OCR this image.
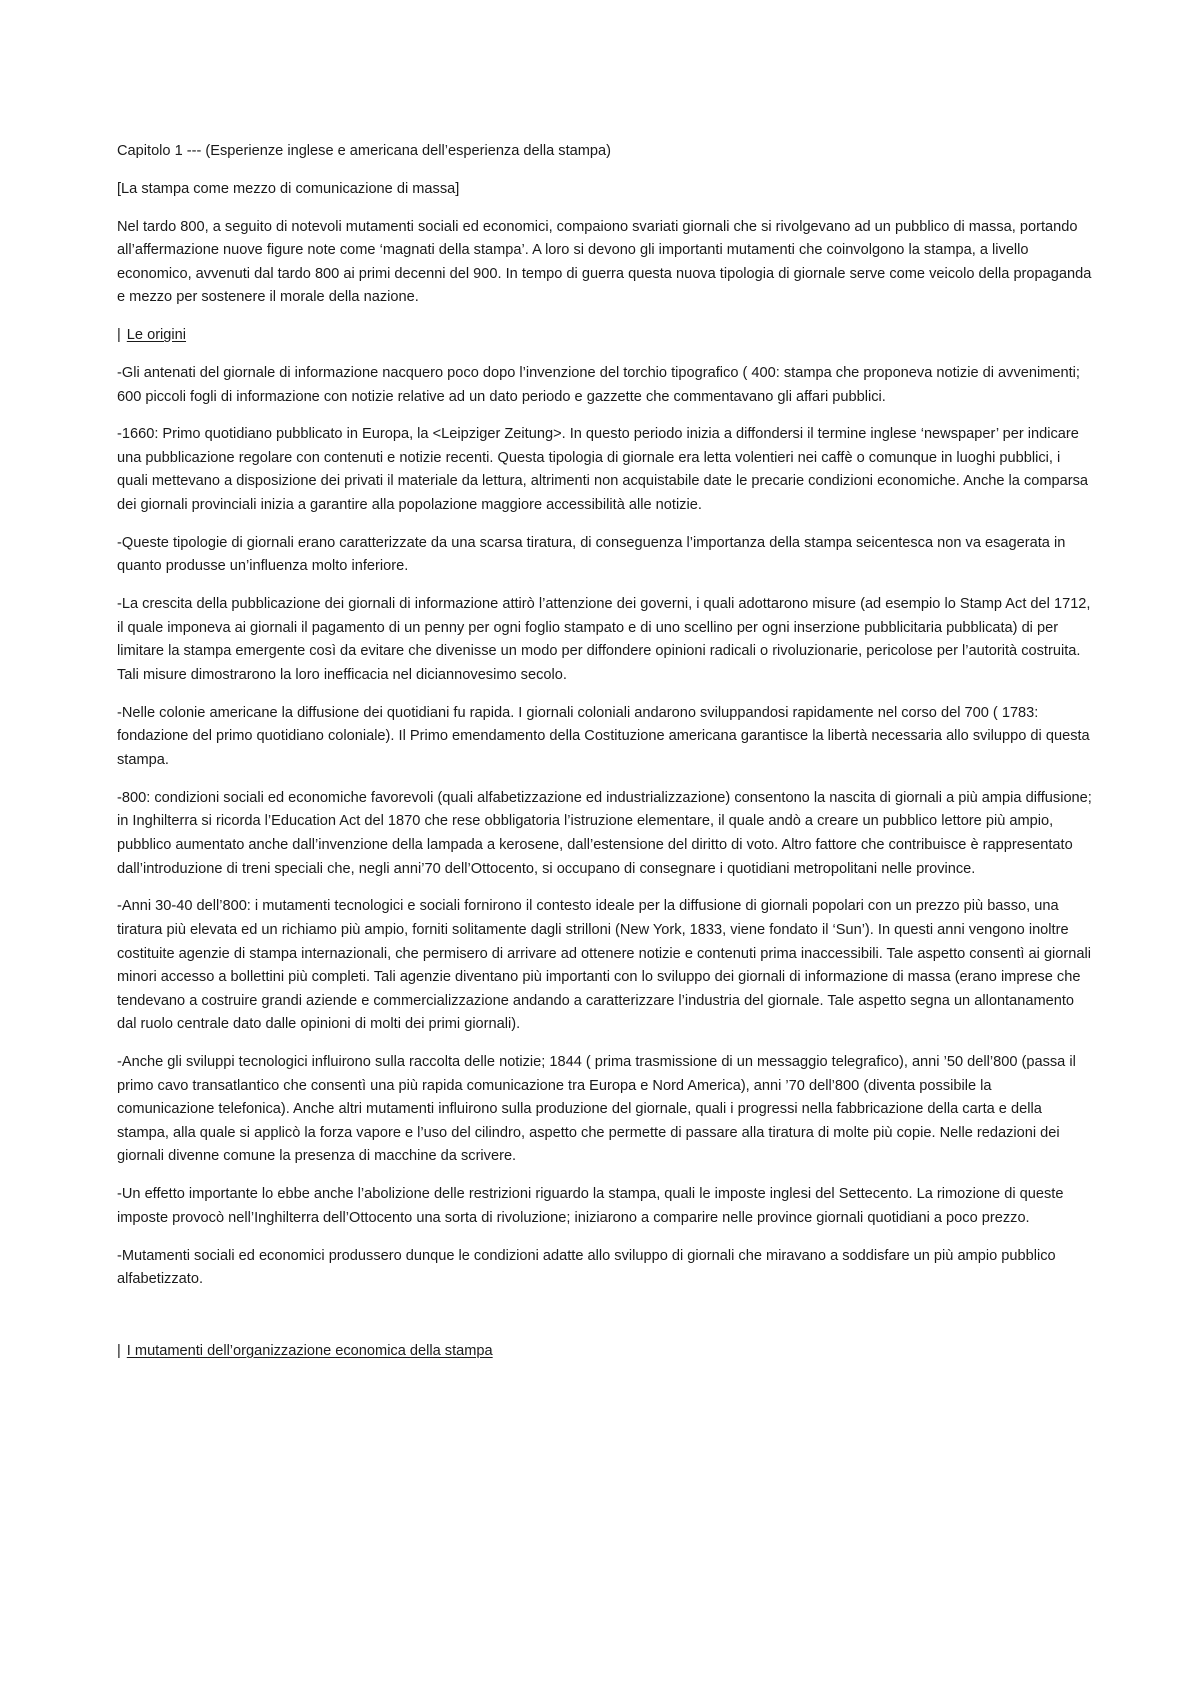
Capitolo 1 --- (Esperienze inglese e americana dell’esperienza della stampa)

[La stampa come mezzo di comunicazione di massa]

Nel tardo 800, a seguito di notevoli mutamenti sociali ed economici, compaiono svariati giornali che si rivolgevano ad un pubblico di massa, portando all’affermazione nuove figure note come ‘magnati della stampa’. A loro si devono gli importanti mutamenti che coinvolgono la stampa, a livello economico, avvenuti dal tardo 800 ai primi decenni del 900. In tempo di guerra questa nuova tipologia di giornale serve come veicolo della propaganda e mezzo per sostenere il morale della nazione.

| Le origini

-Gli antenati del giornale di informazione nacquero poco dopo l’invenzione del torchio tipografico ( 400: stampa che proponeva notizie di avvenimenti; 600 piccoli fogli di informazione con notizie relative ad un dato periodo e gazzette che commentavano gli affari pubblici.

-1660: Primo quotidiano pubblicato in Europa, la <Leipziger Zeitung>. In questo periodo inizia a diffondersi il termine inglese ‘newspaper’ per indicare una pubblicazione regolare con contenuti e notizie recenti. Questa tipologia di giornale era letta volentieri nei caffè o comunque in luoghi pubblici, i quali mettevano a disposizione dei privati il materiale da lettura, altrimenti non acquistabile date le precarie condizioni economiche. Anche la comparsa dei giornali provinciali inizia a garantire alla popolazione maggiore accessibilità alle notizie.

-Queste tipologie di giornali erano caratterizzate da una scarsa tiratura, di conseguenza l’importanza della stampa seicentesca non va esagerata in quanto produsse un’influenza molto inferiore.

-La crescita della pubblicazione dei giornali di informazione attirò l’attenzione dei governi, i quali adottarono misure (ad esempio lo Stamp Act del 1712, il quale imponeva ai giornali il pagamento di un penny per ogni foglio stampato e di uno scellino per ogni inserzione pubblicitaria pubblicata) di per limitare la stampa emergente così da evitare che divenisse un modo per diffondere opinioni radicali o rivoluzionarie, pericolose per l’autorità costruita. Tali misure dimostrarono la loro inefficacia nel diciannovesimo secolo.

-Nelle colonie americane la diffusione dei quotidiani fu rapida. I giornali coloniali andarono sviluppandosi rapidamente nel corso del 700 ( 1783: fondazione del primo quotidiano coloniale). Il Primo emendamento della Costituzione americana garantisce la libertà necessaria allo sviluppo di questa stampa.

-800: condizioni sociali ed economiche favorevoli (quali alfabetizzazione ed industrializzazione) consentono la nascita di giornali a più ampia diffusione; in Inghilterra si ricorda l’Education Act del 1870 che rese obbligatoria l’istruzione elementare, il quale andò a creare un pubblico lettore più ampio, pubblico aumentato anche dall’invenzione della lampada a kerosene, dall’estensione del diritto di voto. Altro fattore che contribuisce è rappresentato dall’introduzione di treni speciali che, negli anni’70 dell’Ottocento, si occupano di consegnare i quotidiani metropolitani nelle province.

-Anni 30-40 dell’800: i mutamenti tecnologici e sociali fornirono il contesto ideale per la diffusione di giornali popolari con un prezzo più basso, una tiratura più elevata ed un richiamo più ampio, forniti solitamente dagli strilloni (New York, 1833, viene fondato il ‘Sun’). In questi anni vengono inoltre costituite agenzie di stampa internazionali, che permisero di arrivare ad ottenere notizie e contenuti prima inaccessibili. Tale aspetto consentì ai giornali minori accesso a bollettini più completi. Tali agenzie diventano più importanti con lo sviluppo dei giornali di informazione di massa (erano imprese che tendevano a costruire grandi aziende e commercializzazione andando a caratterizzare l’industria del giornale. Tale aspetto segna un allontanamento dal ruolo centrale dato dalle opinioni di molti dei primi giornali).

-Anche gli sviluppi tecnologici influirono sulla raccolta delle notizie; 1844 ( prima trasmissione di un messaggio telegrafico), anni ’50 dell’800 (passa il primo cavo transatlantico che consentì una più rapida comunicazione tra Europa e Nord America), anni ’70 dell’800 (diventa possibile la comunicazione telefonica). Anche altri mutamenti influirono sulla produzione del giornale, quali i progressi nella fabbricazione della carta e della stampa, alla quale si applicò la forza vapore e l’uso del cilindro, aspetto che permette di passare alla tiratura di molte più copie. Nelle redazioni dei giornali divenne comune la presenza di macchine da scrivere.

-Un effetto importante lo ebbe anche l’abolizione delle restrizioni riguardo la stampa, quali le imposte inglesi del Settecento. La rimozione di queste imposte provocò nell’Inghilterra dell’Ottocento una sorta di rivoluzione; iniziarono a comparire nelle province giornali quotidiani a poco prezzo.

-Mutamenti sociali ed economici produssero dunque le condizioni adatte allo sviluppo di giornali che miravano a soddisfare un più ampio pubblico alfabetizzato.

| I mutamenti dell’organizzazione economica della stampa
